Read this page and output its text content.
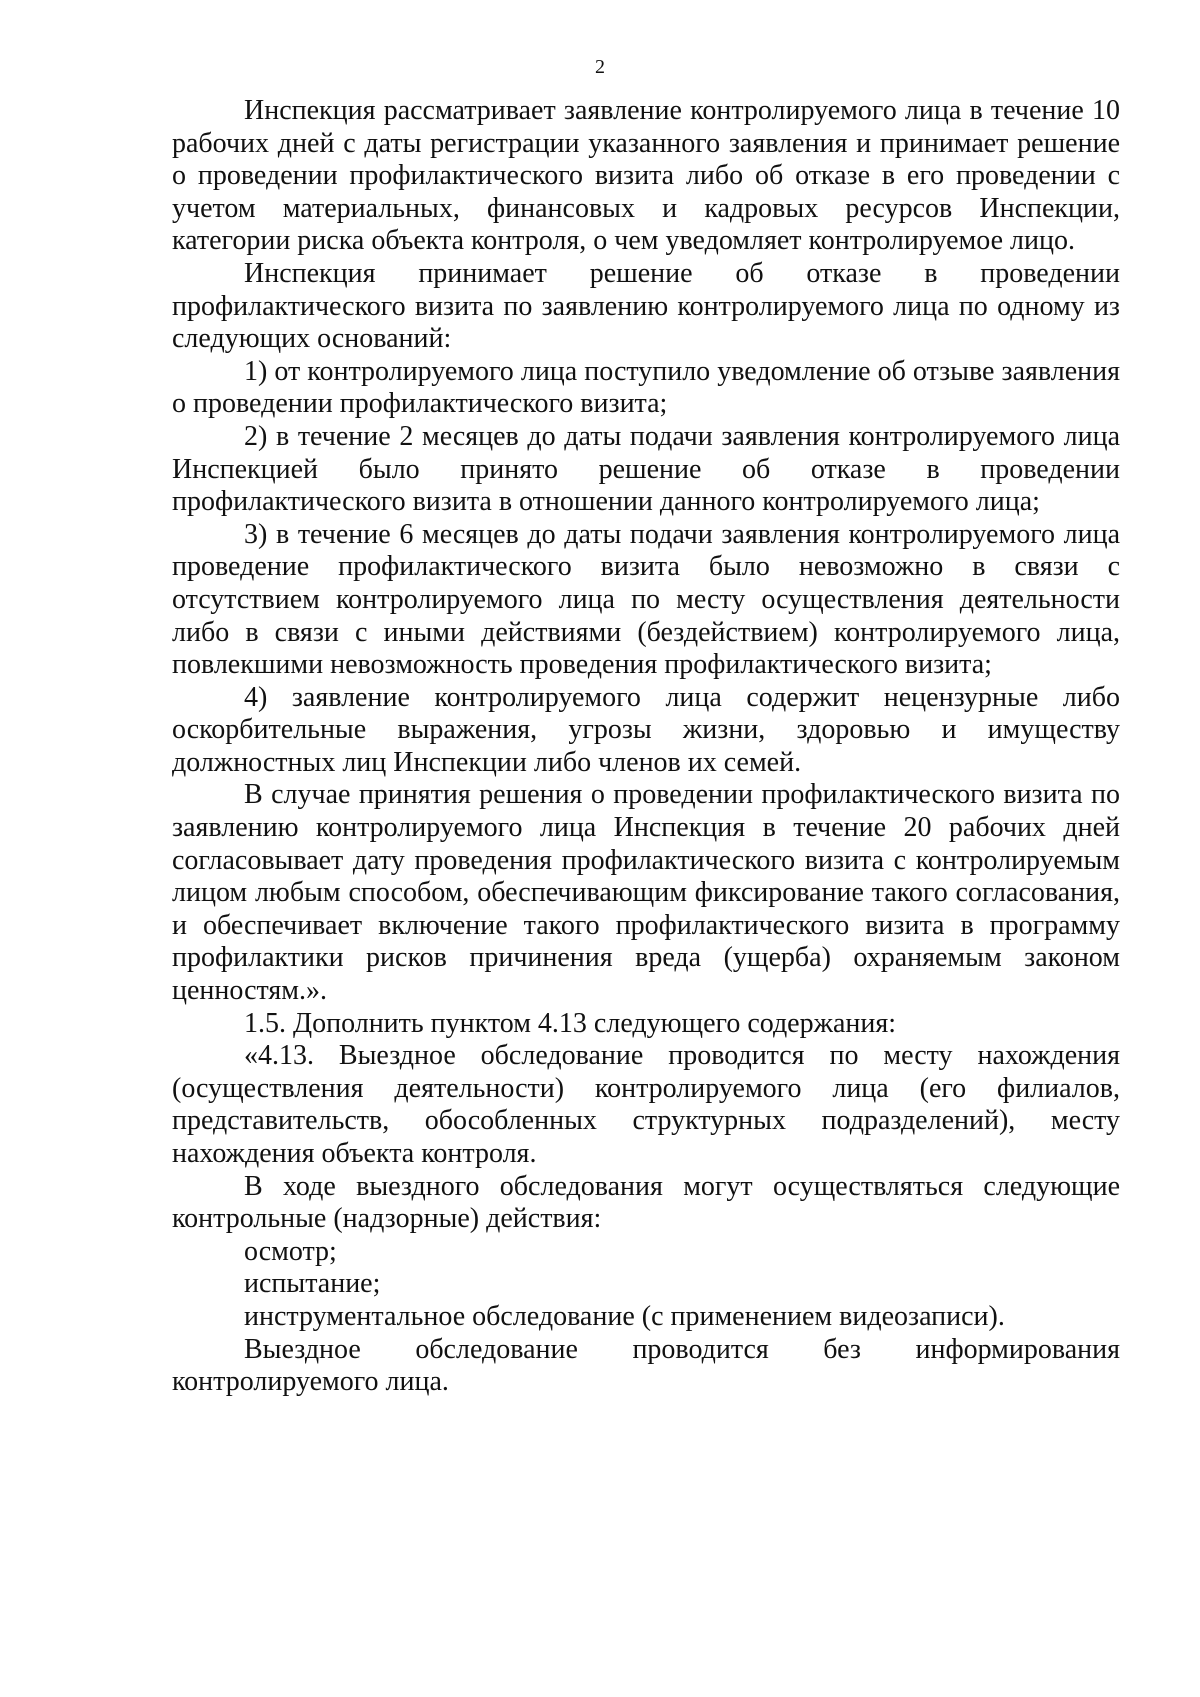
2

Инспекция рассматривает заявление контролируемого лица в течение 10 рабочих дней с даты регистрации указанного заявления и принимает решение о проведении профилактического визита либо об отказе в его проведении с учетом материальных, финансовых и кадровых ресурсов Инспекции, категории риска объекта контроля, о чем уведомляет контролируемое лицо.

Инспекция принимает решение об отказе в проведении профилактического визита по заявлению контролируемого лица по одному из следующих оснований:

1) от контролируемого лица поступило уведомление об отзыве заявления о проведении профилактического визита;

2) в течение 2 месяцев до даты подачи заявления контролируемого лица Инспекцией было принято решение об отказе в проведении профилактического визита в отношении данного контролируемого лица;

3) в течение 6 месяцев до даты подачи заявления контролируемого лица проведение профилактического визита было невозможно в связи с отсутствием контролируемого лица по месту осуществления деятельности либо в связи с иными действиями (бездействием) контролируемого лица, повлекшими невозможность проведения профилактического визита;

4) заявление контролируемого лица содержит нецензурные либо оскорбительные выражения, угрозы жизни, здоровью и имуществу должностных лиц Инспекции либо членов их семей.

В случае принятия решения о проведении профилактического визита по заявлению контролируемого лица Инспекция в течение 20 рабочих дней согласовывает дату проведения профилактического визита с контролируемым лицом любым способом, обеспечивающим фиксирование такого согласования, и обеспечивает включение такого профилактического визита в программу профилактики рисков причинения вреда (ущерба) охраняемым законом ценностям.».

1.5. Дополнить пунктом 4.13 следующего содержания:

«4.13. Выездное обследование проводится по месту нахождения (осуществления деятельности) контролируемого лица (его филиалов, представительств, обособленных структурных подразделений), месту нахождения объекта контроля.

В ходе выездного обследования могут осуществляться следующие контрольные (надзорные) действия:

осмотр;

испытание;

инструментальное обследование (с применением видеозаписи).

Выездное обследование проводится без информирования контролируемого лица.
